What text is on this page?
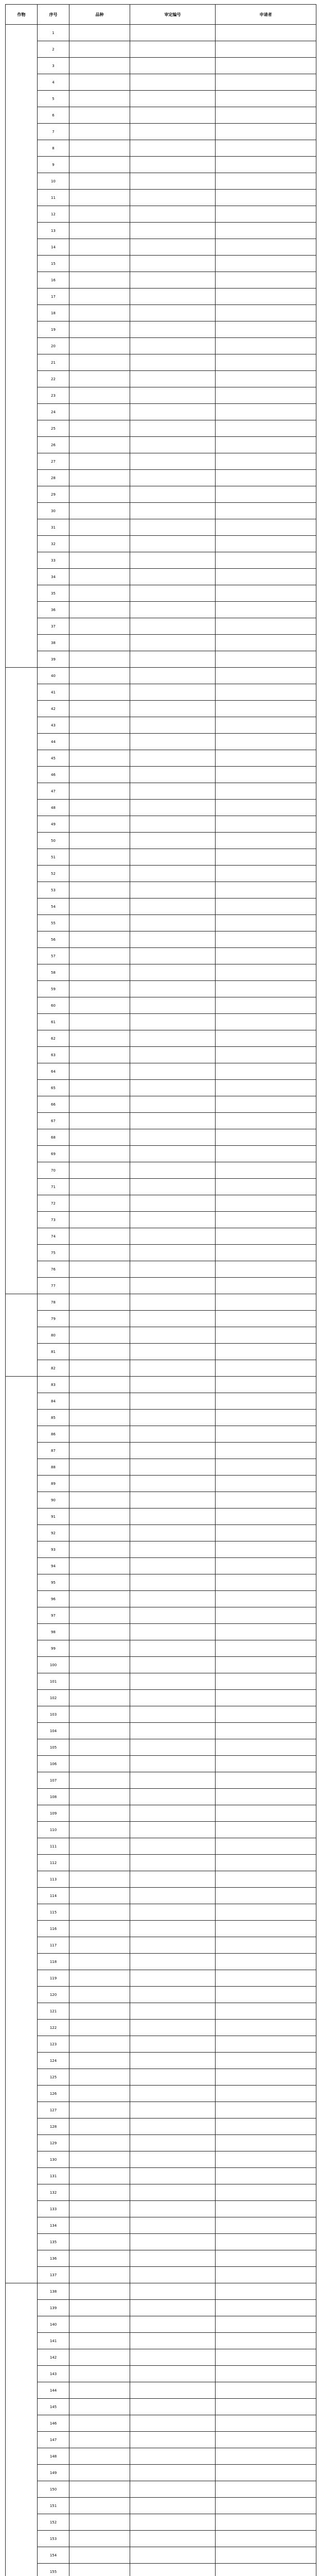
作物	序号	品种	审定编号	申请者
	1			
	2			
	3			
	4			
	5			
	6			
	7			
	8			
	9			
	10			
	11			
	12			
	13			
	14			
	15			
	16			
	17			
	18			
	19			
	20			
	21			
	22			
	23			
	24			
	25			
	26			
	27			
	28			
	29			
	30			
	31			
	32			
	33			
	34			
	35			
	36			
	37			
	38			
	39			
	40			
	41			
	42			
	43			
	44			
	45			
	46			
	47			
	48			
	49			
	50			
	51			
	52			
	53			
	54			
	55			
	56			
	57			
	58			
	59			
	60			
	61			
	62			
	63			
	64			
	65			
	66			
	67			
	68			
	69			
	70			
	71			
	72			
	73			
	74			
	75			
	76			
	77			
	78			
	79			
	80			
	81			
	82			
	83			
	84			
	85			
	86			
	87			
	88			
	89			
	90			
	91			
	92			
	93			
	94			
	95			
	96			
	97			
	98			
	99			
	100			
	101			
	102			
	103			
	104			
	105			
	106			
	107			
	108			
	109			
	110			
	111			
	112			
	113			
	114			
	115			
	116			
	117			
	118			
	119			
	120			
	121			
	122			
	123			
	124			
	125			
	126			
	127			
	128			
	129			
	130			
	131			
	132			
	133			
	134			
	135			
	136			
	137			
	138			
	139			
	140			
	141			
	142			
	143			
	144			
	145			
	146			
	147			
	148			
	149			
	150			
	151			
	152			
	153			
	154			
	155			
